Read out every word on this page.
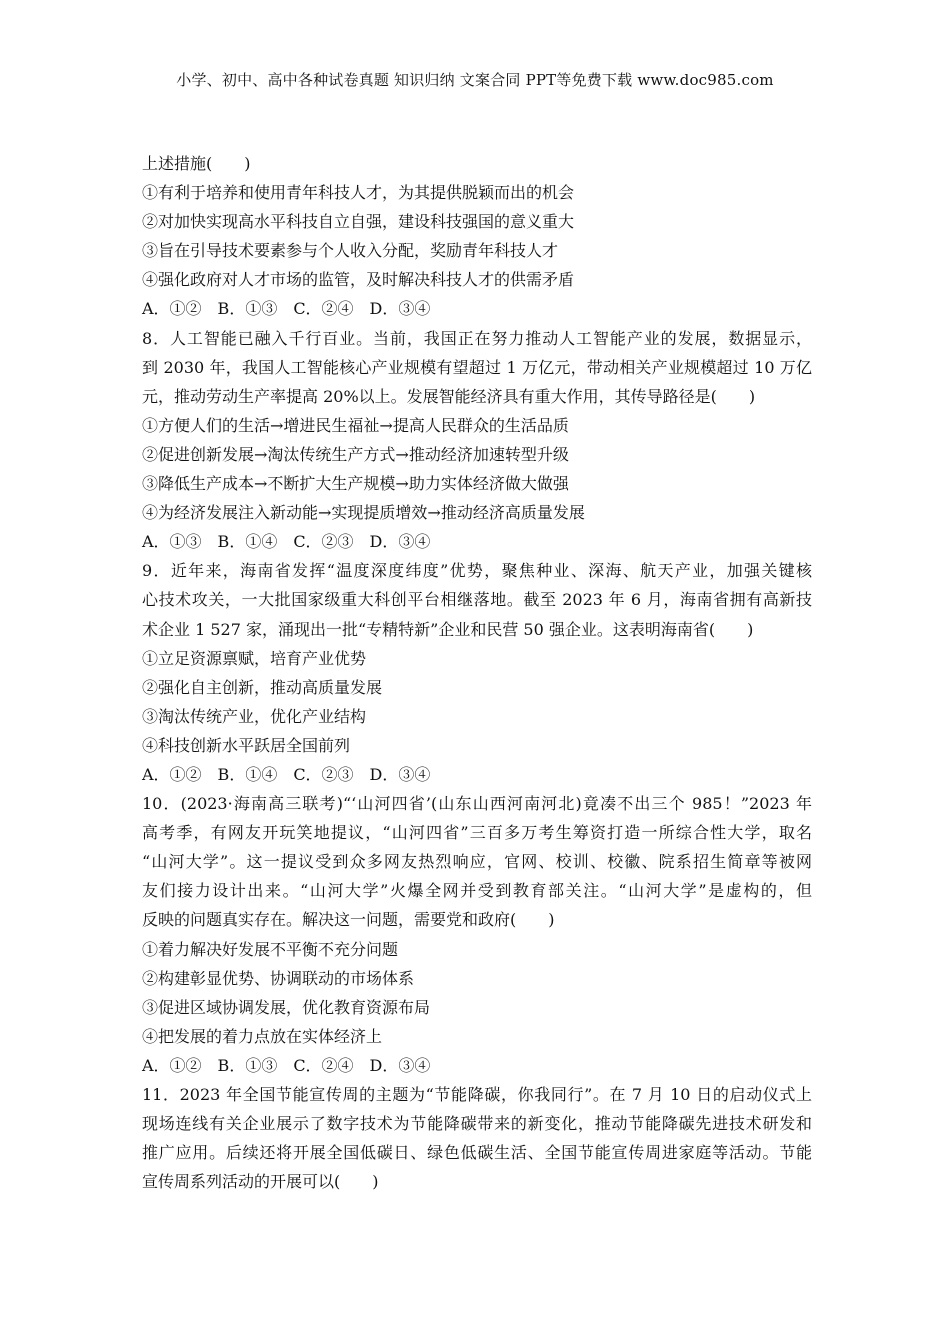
小学、初中、高中各种试卷真题 知识归纳 文案合同 PPT等免费下载 www.doc985.com
上述措施(　　)
①有利于培养和使用青年科技人才，为其提供脱颖而出的机会
②对加快实现高水平科技自立自强，建设科技强国的意义重大
③旨在引导技术要素参与个人收入分配，奖励青年科技人才
④强化政府对人才市场的监管，及时解决科技人才的供需矛盾
A．①②　B．①③　C．②④　D．③④
8．人工智能已融入千行百业。当前，我国正在努力推动人工智能产业的发展，数据显示，
到 2030 年，我国人工智能核心产业规模有望超过 1 万亿元，带动相关产业规模超过 10 万亿
元，推动劳动生产率提高 20%以上。发展智能经济具有重大作用，其传导路径是(　　)
①方便人们的生活→增进民生福祉→提高人民群众的生活品质
②促进创新发展→淘汰传统生产方式→推动经济加速转型升级
③降低生产成本→不断扩大生产规模→助力实体经济做大做强
④为经济发展注入新动能→实现提质增效→推动经济高质量发展
A．①③　B．①④　C．②③　D．③④
9．近年来，海南省发挥“温度深度纬度”优势，聚焦种业、深海、航天产业，加强关键核
心技术攻关，一大批国家级重大科创平台相继落地。截至 2023 年 6 月，海南省拥有高新技
术企业 1 527 家，涌现出一批“专精特新”企业和民营 50 强企业。这表明海南省(　　)
①立足资源禀赋，培育产业优势
②强化自主创新，推动高质量发展
③淘汰传统产业，优化产业结构
④科技创新水平跃居全国前列
A．①②　B．①④　C．②③　D．③④
10．(2023·海南高三联考)“‘山河四省’(山东山西河南河北)竟凑不出三个 985！”2023 年
高考季，有网友开玩笑地提议，“山河四省”三百多万考生筹资打造一所综合性大学，取名
“山河大学”。这一提议受到众多网友热烈响应，官网、校训、校徽、院系招生简章等被网
友们接力设计出来。“山河大学”火爆全网并受到教育部关注。“山河大学”是虚构的，但
反映的问题真实存在。解决这一问题，需要党和政府(　　)
①着力解决好发展不平衡不充分问题
②构建彰显优势、协调联动的市场体系
③促进区域协调发展，优化教育资源布局
④把发展的着力点放在实体经济上
A．①②　B．①③　C．②④　D．③④
11．2023 年全国节能宣传周的主题为“节能降碳，你我同行”。在 7 月 10 日的启动仪式上
现场连线有关企业展示了数字技术为节能降碳带来的新变化，推动节能降碳先进技术研发和
推广应用。后续还将开展全国低碳日、绿色低碳生活、全国节能宣传周进家庭等活动。节能
宣传周系列活动的开展可以(　　)
